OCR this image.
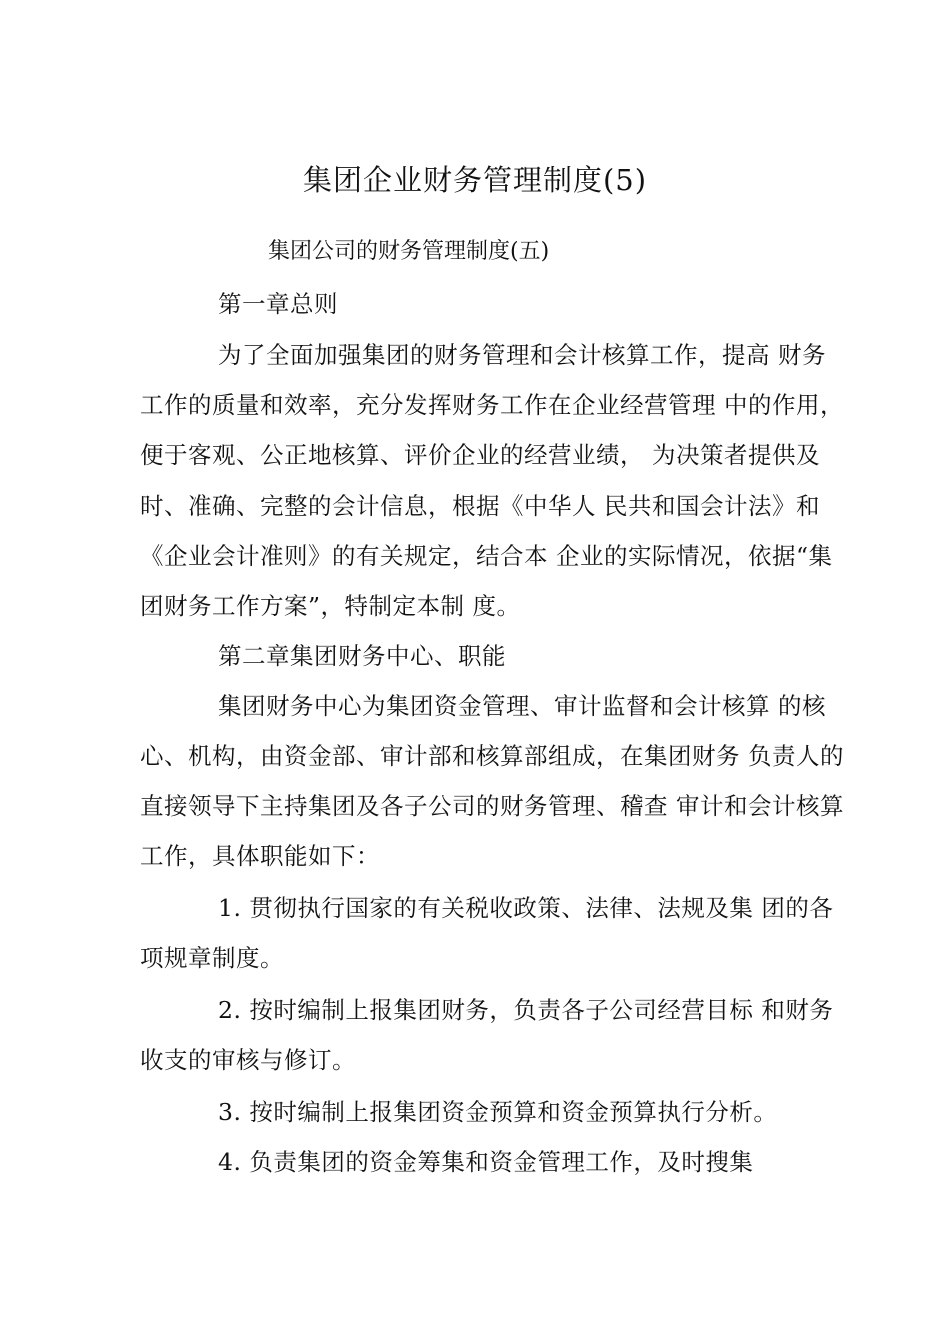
集团企业财务管理制度(5)
集团公司的财务管理制度(五)
第一章总则
为了全面加强集团的财务管理和会计核算工作，提高 财务
工作的质量和效率，充分发挥财务工作在企业经营管理 中的作用，
便于客观、公正地核算、评价企业的经营业绩， 为决策者提供及
时、准确、完整的会计信息，根据《中华人 民共和国会计法》和
《企业会计准则》的有关规定，结合本 企业的实际情况，依据“集
团财务工作方案”，特制定本制 度。
第二章集团财务中心、职能
集团财务中心为集团资金管理、审计监督和会计核算 的核
心、机构，由资金部、审计部和核算部组成，在集团财务 负责人的
直接领导下主持集团及各子公司的财务管理、稽查 审计和会计核算
工作，具体职能如下：
1. 贯彻执行国家的有关税收政策、法律、法规及集 团的各
项规章制度。
2. 按时编制上报集团财务，负责各子公司经营目标 和财务
收支的审核与修订。
3. 按时编制上报集团资金预算和资金预算执行分析。
4. 负责集团的资金筹集和资金管理工作，及时搜集
